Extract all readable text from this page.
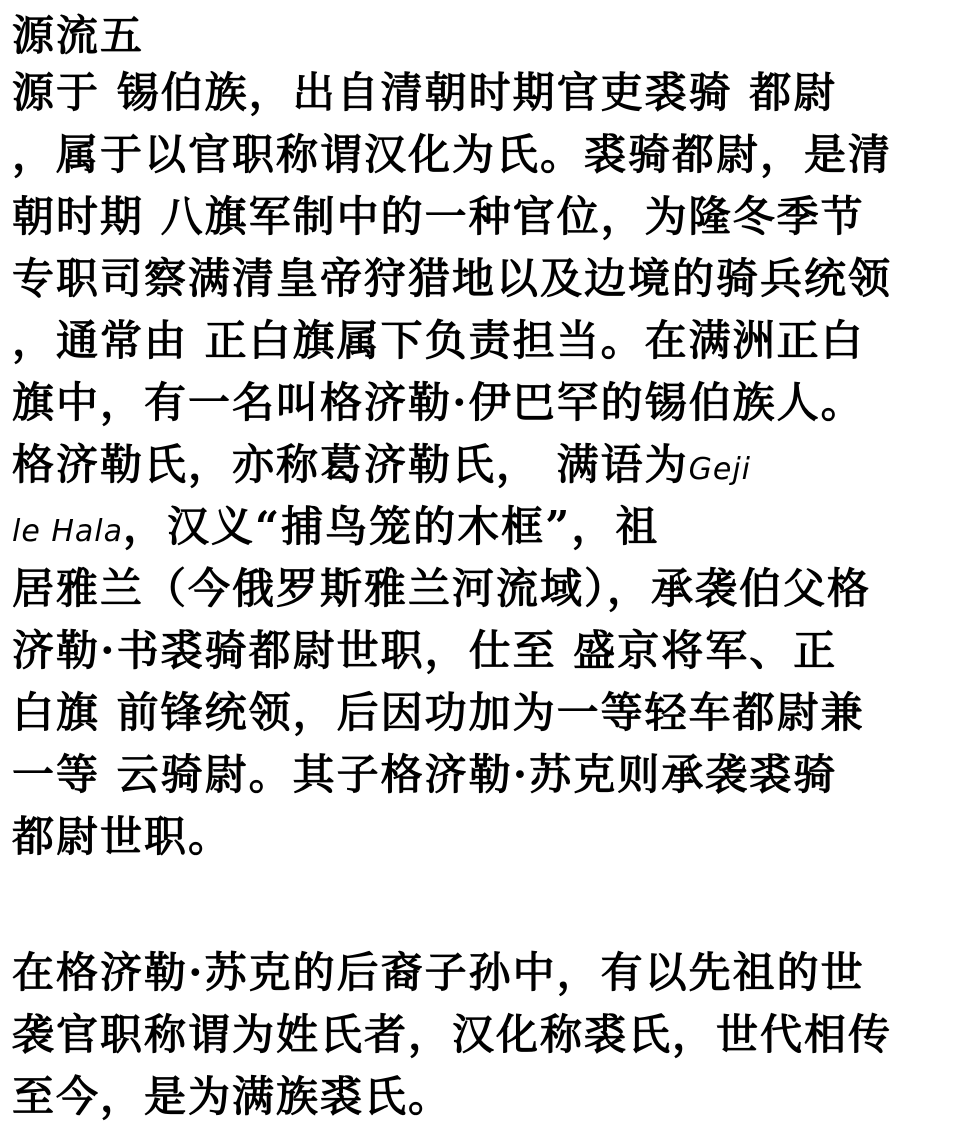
源流五
源于 锡伯族，出自清朝时期官吏裘骑 都尉
，属于以官职称谓汉化为氏。裘骑都尉，是清
朝时期 八旗军制中的一种官位，为隆冬季节
专职司察满清皇帝狩猎地以及边境的骑兵统领
，通常由 正白旗属下负责担当。在满洲正白
旗中，有一名叫格济勒·伊巴罕的锡伯族人。
格济勒氏，亦称葛济勒氏， 满语为Geji
le Hala，汉义“捕鸟笼的木框”，祖
居雅兰（今俄罗斯雅兰河流域），承袭伯父格
济勒·书裘骑都尉世职，仕至 盛京将军、正
白旗 前锋统领，后因功加为一等轻车都尉兼
一等 云骑尉。其子格济勒·苏克则承袭裘骑
都尉世职。
在格济勒·苏克的后裔子孙中，有以先祖的世
袭官职称谓为姓氏者，汉化称裘氏，世代相传
至今，是为满族裘氏。
